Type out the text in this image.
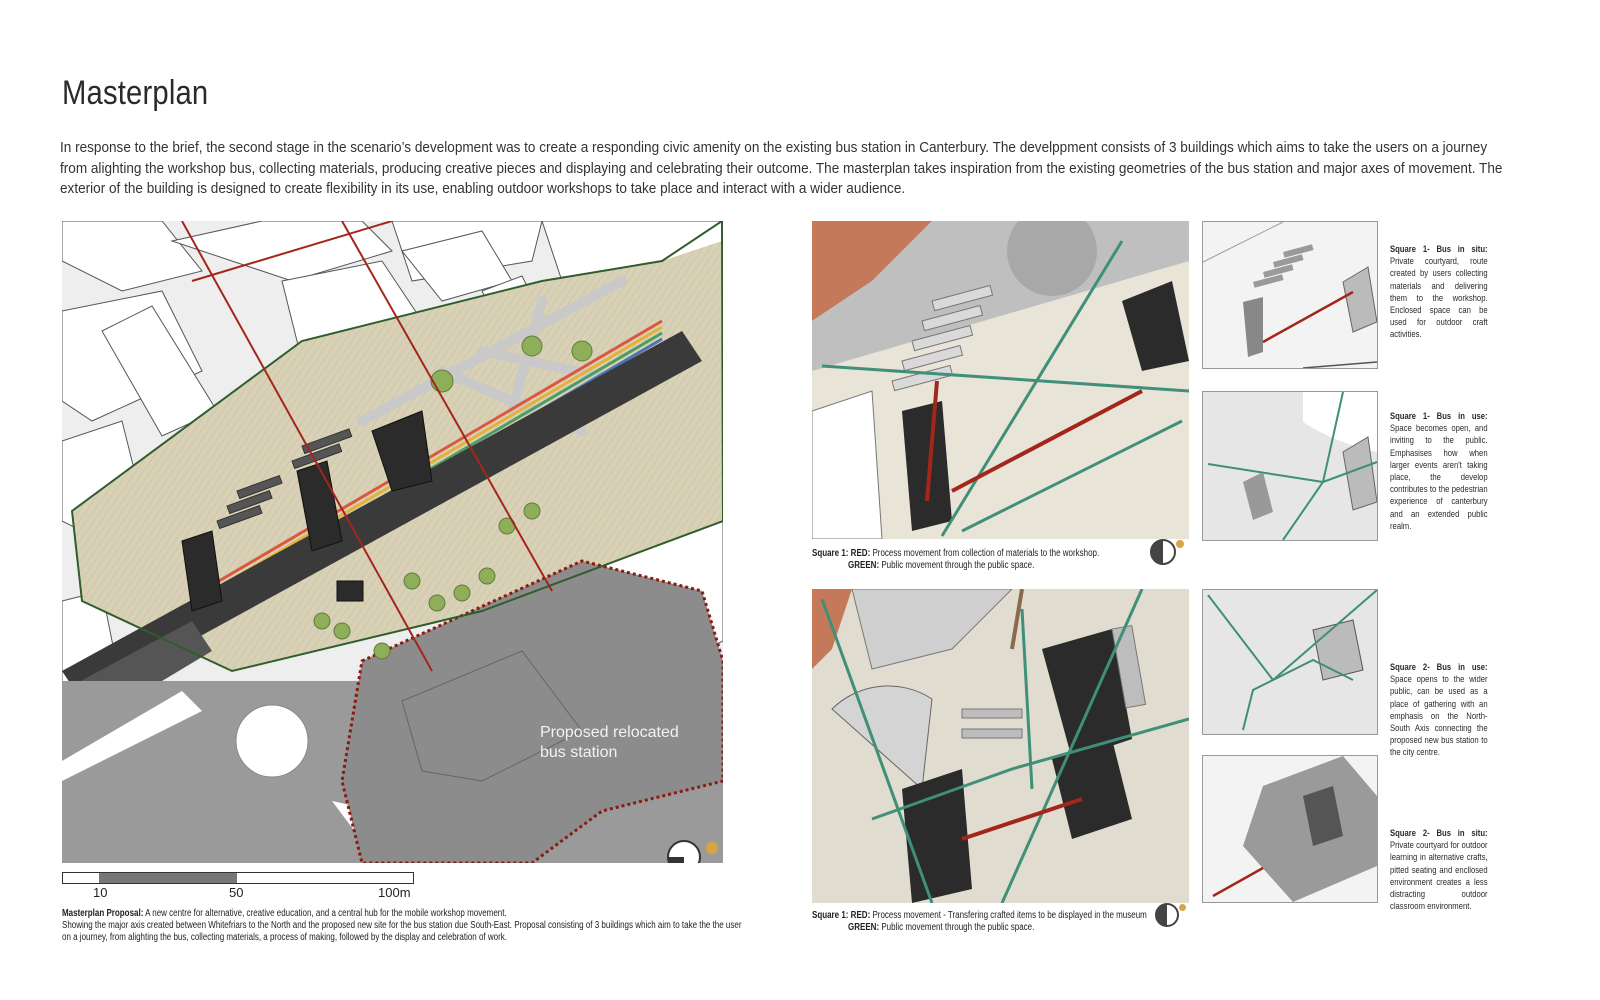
Masterplan
In response to the brief, the second stage in the scenario’s development was to create a responding civic amenity on the existing bus station in Canterbury. The develppment consists of 3 buildings which aims to take the users on a journey from alighting the workshop bus, collecting materials, producing creative pieces and displaying and celebrating their outcome. The masterplan takes inspiration from the existing geometries of the bus station and major axes of movement. The exterior of the building is designed to create flexibility in its use, enabling outdoor workshops to take place and interact with a wider audience.
Proposed relocated
bus station
10	50	100m
Masterplan Proposal: A new centre for alternative, creative education, and a central hub for the mobile workshop movement.
Showing the major axis created between Whitefriars to the North and the proposed new site for the bus station due South-East. Proposal consisting of 3 buildings which aim to take the the user
on a journey, from alighting the bus, collecting materials, a process of making, followed by the display and celebration of work.
Square 1: RED: Process movement from collection of materials to the workshop.
GREEN: Public movement through the public space.
Square 1- Bus in situ: Private courtyard, route created by users collecting materials and delivering them to the workshop. Enclosed space can be used for outdoor craft activities.
Square 1- Bus in use: Space becomes open, and inviting to the public. Emphasises how when larger events aren't taking place, the develop contributes to the pedestrian experience of canterbury and an extended public realm.
Square 1: RED: Process movement - Transfering crafted items to be displayed in the museum
GREEN: Public movement through the public space.
Square 2- Bus in use: Space opens to the wider public, can be used as a place of gathering with an emphasis on the North-South Axis connecting the proposed new bus station to the city centre.
Square 2- Bus in situ: Private courtyard for outdoor learning in alternative crafts, pitted seating and encllosed environment creates a less distracting outdoor classroom environment.
